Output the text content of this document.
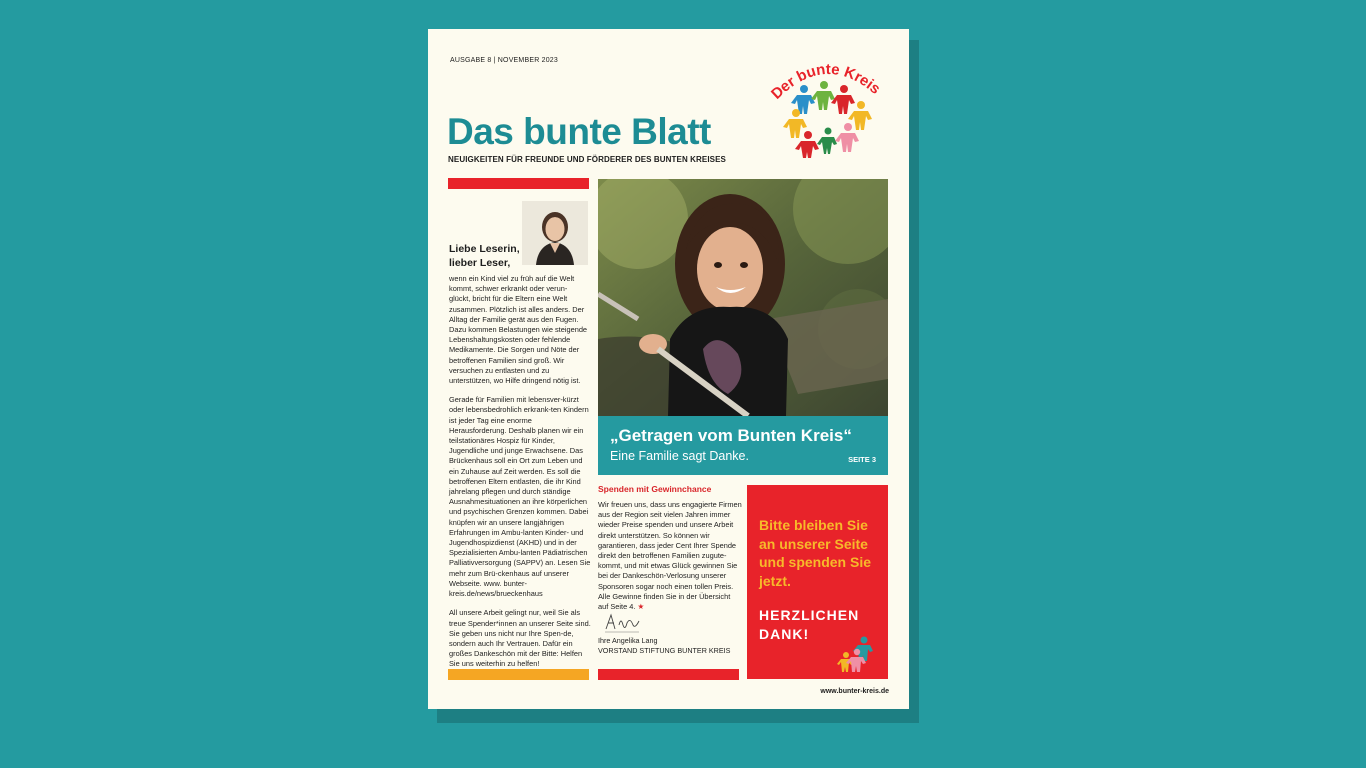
AUSGABE 8 | NOVEMBER 2023
Das bunte Blatt
NEUIGKEITEN FÜR FREUNDE UND FÖRDERER DES BUNTEN KREISES
Der bunte Kreis
Liebe Leserin,
lieber Leser,

wenn ein Kind viel zu früh auf die Welt
kommt, schwer erkrankt oder verun-
glückt, bricht für die Eltern eine Welt
zusammen. Plötzlich ist alles anders. Der Alltag der Familie gerät aus den Fugen. Dazu kommen Belastungen wie steigende Lebenshaltungskosten oder fehlende Medikamente. Die Sorgen und Nöte der betroffenen Familien sind groß. Wir versuchen zu entlasten und zu unterstützen, wo Hilfe dringend nötig ist.

Gerade für Familien mit lebensver-kürzt oder lebensbedrohlich erkrank-ten Kindern ist jeder Tag eine enorme Herausforderung. Deshalb planen wir ein teilstationäres Hospiz für Kinder, Jugendliche und junge Erwachsene. Das Brückenhaus soll ein Ort zum Leben und ein Zuhause auf Zeit werden. Es soll die betroffenen Eltern entlasten, die ihr Kind jahrelang pflegen und durch ständige Ausnahmesituationen an ihre körperlichen und psychischen Grenzen kommen. Dabei knüpfen wir an unsere langjährigen Erfahrungen im Ambu-lanten Kinder- und Jugendhospizdienst (AKHD) und in der Spezialisierten Ambu-lanten Pädiatrischen Palliativversorgung (SAPPV) an. Lesen Sie mehr zum Brü-ckenhaus auf unserer Webseite. www. bunter-kreis.de/news/brueckenhaus

All unsere Arbeit gelingt nur, weil Sie als treue Spender*innen an unserer Seite sind. Sie geben uns nicht nur Ihre Spen-de, sondern auch Ihr Vertrauen. Dafür ein großes Dankeschön mit der Bitte: Helfen Sie uns weiterhin zu helfen!

„Getragen vom Bunten Kreis“
Eine Familie sagt Danke.	SEITE 3
Spenden mit Gewinnchance
Wir freuen uns, dass uns engagierte Firmen aus der Region seit vielen Jahren immer wieder Preise spenden und unsere Arbeit direkt unterstützen. So können wir garantieren, dass jeder Cent Ihrer Spende direkt den betroffenen Familien zugute-kommt, und mit etwas Glück gewinnen Sie bei der Dankeschön-Verlosung unserer Sponsoren sogar noch einen tollen Preis. Alle Gewinne finden Sie in der Übersicht auf Seite 4. ★
Ihre Angelika Lang
VORSTAND STIFTUNG BUNTER KREIS
Bitte bleiben Sie an unserer Seite und spenden Sie jetzt.
HERZLICHEN
DANK!
www.bunter-kreis.de
